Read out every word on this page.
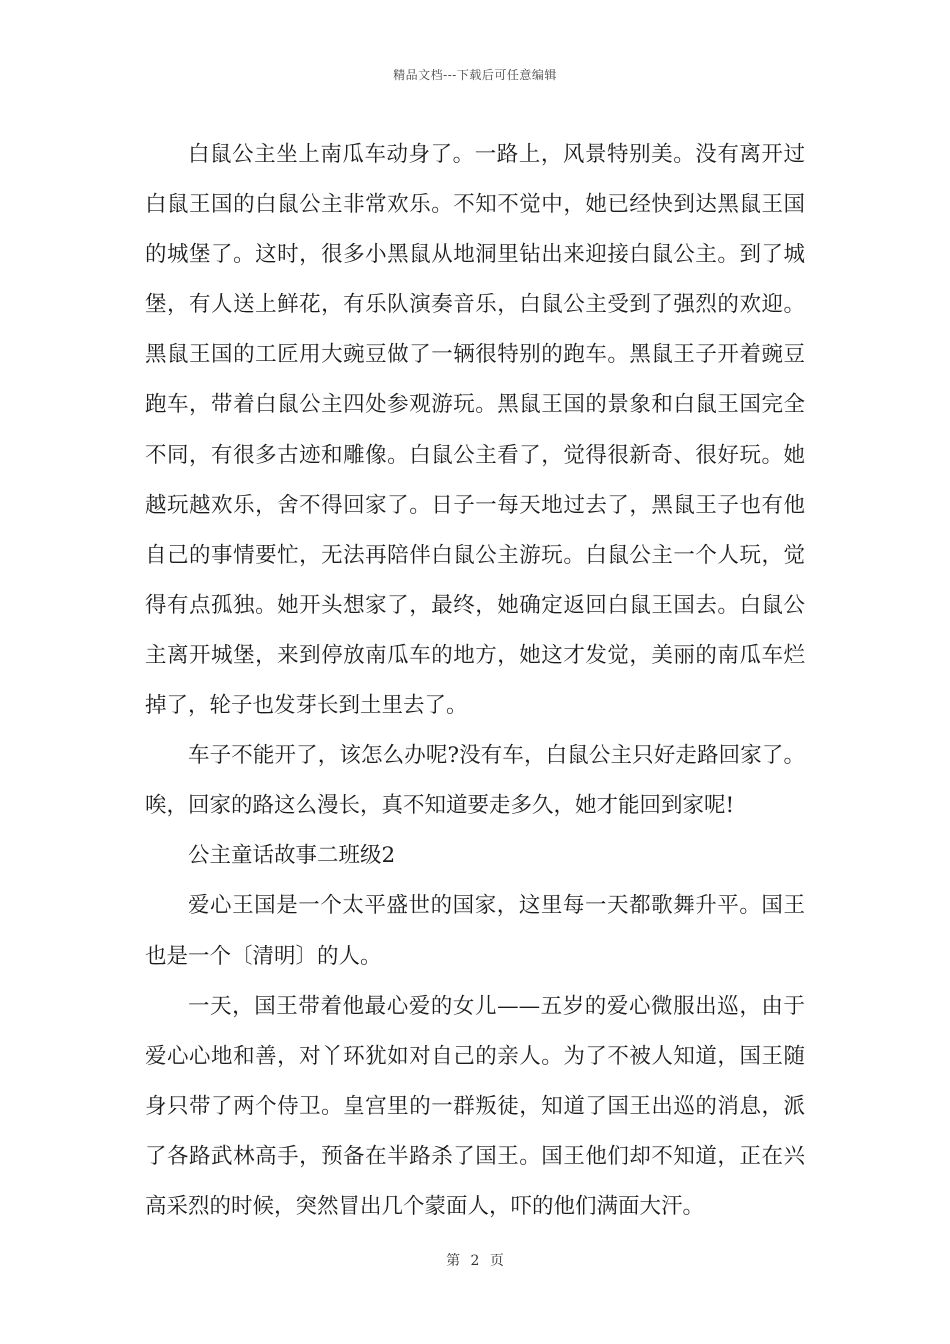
精品文档---下载后可任意编辑

白鼠公主坐上南瓜车动身了。一路上，风景特别美。没有离开过白鼠王国的白鼠公主非常欢乐。不知不觉中，她已经快到达黑鼠王国的城堡了。这时，很多小黑鼠从地洞里钻出来迎接白鼠公主。到了城堡，有人送上鲜花，有乐队演奏音乐，白鼠公主受到了强烈的欢迎。黑鼠王国的工匠用大豌豆做了一辆很特别的跑车。黑鼠王子开着豌豆跑车，带着白鼠公主四处参观游玩。黑鼠王国的景象和白鼠王国完全不同，有很多古迹和雕像。白鼠公主看了，觉得很新奇、很好玩。她越玩越欢乐，舍不得回家了。日子一每天地过去了，黑鼠王子也有他自己的事情要忙，无法再陪伴白鼠公主游玩。白鼠公主一个人玩，觉得有点孤独。她开头想家了，最终，她确定返回白鼠王国去。白鼠公主离开城堡，来到停放南瓜车的地方，她这才发觉，美丽的南瓜车烂掉了，轮子也发芽长到土里去了。

车子不能开了，该怎么办呢?没有车，白鼠公主只好走路回家了。唉，回家的路这么漫长，真不知道要走多久，她才能回到家呢!

公主童话故事二班级2

爱心王国是一个太平盛世的国家，这里每一天都歌舞升平。国王也是一个〔清明〕的人。

一天，国王带着他最心爱的女儿——五岁的爱心微服出巡，由于爱心心地和善，对丫环犹如对自己的亲人。为了不被人知道，国王随身只带了两个侍卫。皇宫里的一群叛徒，知道了国王出巡的消息，派了各路武林高手，预备在半路杀了国王。国王他们却不知道，正在兴高采烈的时候，突然冒出几个蒙面人，吓的他们满面大汗。

第 2 页
